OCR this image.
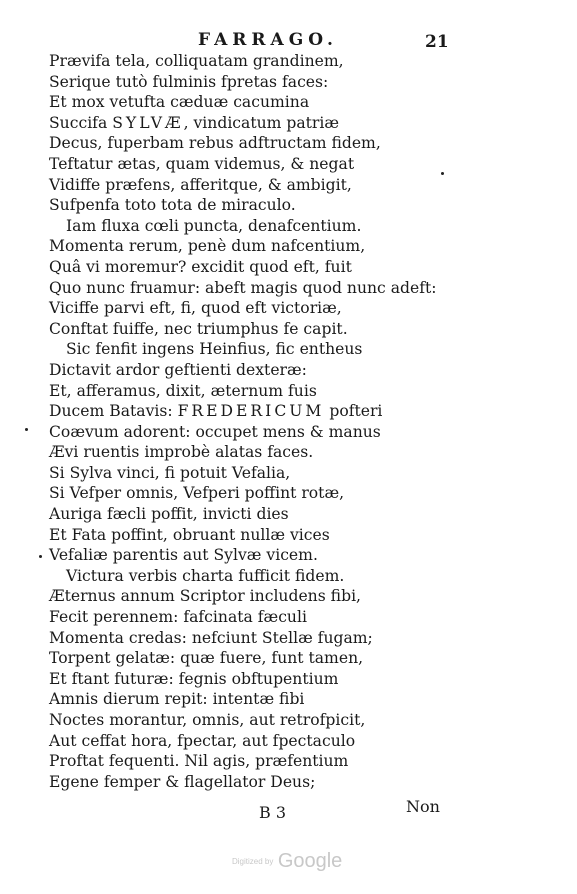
FARRAGO.	21
Prævifa tela, colliquatam grandinem,
Serique tutò fulminis fpretas faces:
Et mox vetufta cæduæ cacumina
Succifa SYLVÆ, vindicatum patriæ
Decus, fuperbam rebus adftructam fidem,
Teftatur ætas, quam videmus, & negat
Vidiffe præfens, afferitque, & ambigit,
Sufpenfa toto tota de miraculo.
Iam fluxa cœli puncta, denafcentium.
Momenta rerum, penè dum nafcentium,
Quâ vi moremur? excidit quod eft, fuit
Quo nunc fruamur: abeft magis quod nunc adeft:
Viciffe parvi eft, fi, quod eft victoriæ,
Conftat fuiffe, nec triumphus fe capit.
Sic fenfit ingens Heinfius, fic entheus
Dictavit ardor geftienti dexteræ:
Et, afferamus, dixit, æternum fuis
Ducem Batavis: FREDERICUM pofteri
Coævum adorent: occupet mens & manus
Ævi ruentis improbè alatas faces.
Si Sylva vinci, fi potuit Vefalia,
Si Vefper omnis, Vefperi poffint rotæ,
Auriga fæcli poffit, invicti dies
Et Fata poffint, obruant nullæ vices
Vefaliæ parentis aut Sylvæ vicem.
Victura verbis charta fufficit fidem.
Æternus annum Scriptor includens fibi,
Fecit perennem: fafcinata fæculi
Momenta credas: nefciunt Stellæ fugam;
Torpent gelatæ: quæ fuere, funt tamen,
Et ftant futuræ: fegnis obftupentium
Amnis dierum repit: intentæ fibi
Noctes morantur, omnis, aut retrofpicit,
Aut ceffat hora, fpectar, aut fpectaculo
Proftat fequenti. Nil agis, præfentium
Egene femper & flagellator Deus;
B 3	Non
Digitized by Google
